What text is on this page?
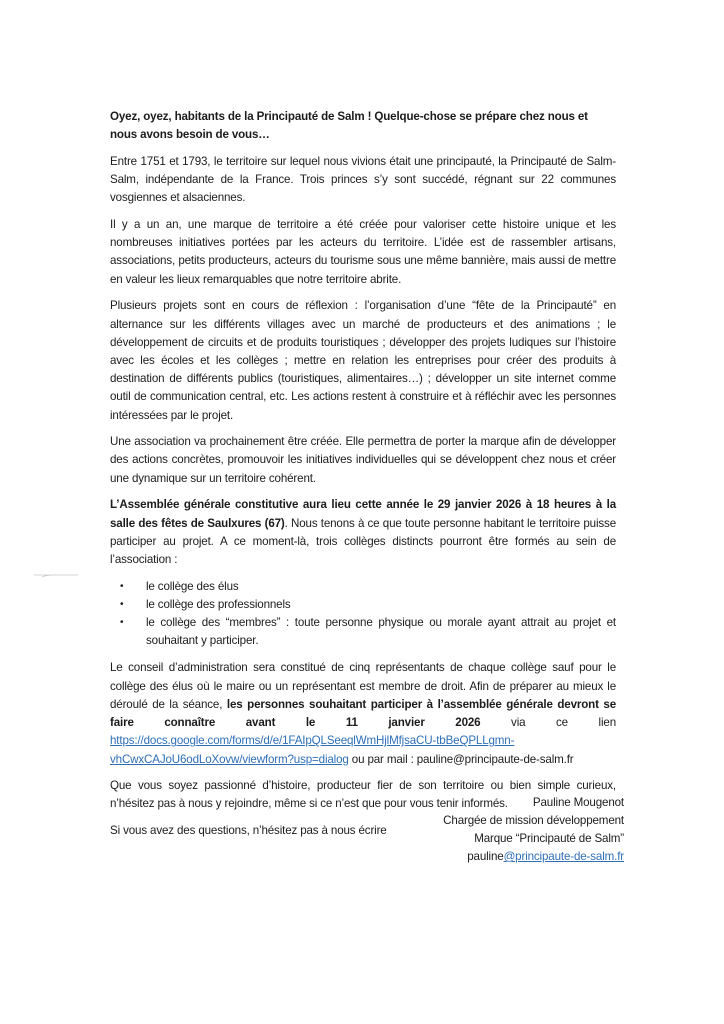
Oyez, oyez, habitants de la Principauté de Salm ! Quelque-chose se prépare chez nous et nous avons besoin de vous…

Entre 1751 et 1793, le territoire sur lequel nous vivions était une principauté, la Principauté de Salm-Salm, indépendante de la France. Trois princes s’y sont succédé, régnant sur 22 communes vosgiennes et alsaciennes.

Il y a un an, une marque de territoire a été créée pour valoriser cette histoire unique et les nombreuses initiatives portées par les acteurs du territoire. L’idée est de rassembler artisans, associations, petits producteurs, acteurs du tourisme sous une même bannière, mais aussi de mettre en valeur les lieux remarquables que notre territoire abrite.

Plusieurs projets sont en cours de réflexion : l’organisation d’une “fête de la Principauté” en alternance sur les différents villages avec un marché de producteurs et des animations ; le développement de circuits et de produits touristiques ; développer des projets ludiques sur l’histoire avec les écoles et les collèges ; mettre en relation les entreprises pour créer des produits à destination de différents publics (touristiques, alimentaires…) ; développer un site internet comme outil de communication central, etc. Les actions restent à construire et à réfléchir avec les personnes intéressées par le projet.

Une association va prochainement être créée. Elle permettra de porter la marque afin de développer des actions concrètes, promouvoir les initiatives individuelles qui se développent chez nous et créer une dynamique sur un territoire cohérent.

L’Assemblée générale constitutive aura lieu cette année le 29 janvier 2026 à 18 heures à la salle des fêtes de Saulxures (67). Nous tenons à ce que toute personne habitant le territoire puisse participer au projet. A ce moment-là, trois collèges distincts pourront être formés au sein de l’association :

• le collège des élus
• le collège des professionnels
• le collège des “membres” : toute personne physique ou morale ayant attrait au projet et souhaitant y participer.

Le conseil d’administration sera constitué de cinq représentants de chaque collège sauf pour le collège des élus où le maire ou un représentant est membre de droit. Afin de préparer au mieux le déroulé de la séance, les personnes souhaitant participer à l’assemblée générale devront se faire connaître avant le 11 janvier 2026 via ce lien https://docs.google.com/forms/d/e/1FAIpQLSeeqlWmHjlMfjsaCU-tbBeQPLLgmn-vhCwxCAJoU6odLoXovw/viewform?usp=dialog ou par mail : pauline@principaute-de-salm.fr

Que vous soyez passionné d’histoire, producteur fier de son territoire ou bien simple curieux, n’hésitez pas à nous y rejoindre, même si ce n’est que pour vous tenir informés.

Si vous avez des questions, n’hésitez pas à nous écrire

Pauline Mougenot
Chargée de mission développement
Marque “Principauté de Salm”
pauline@principaute-de-salm.fr
